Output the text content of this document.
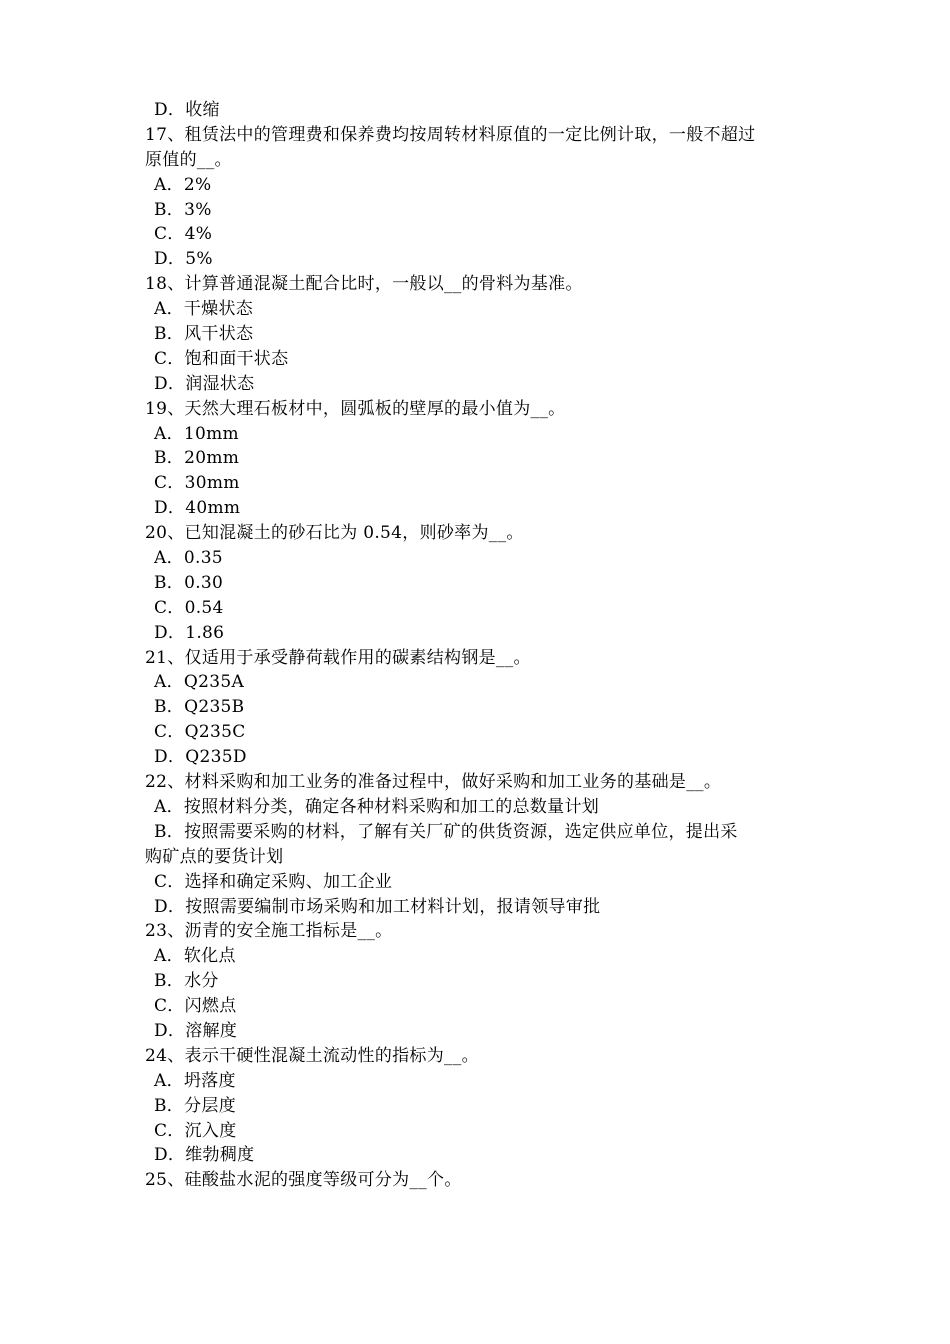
D．收缩
17、租赁法中的管理费和保养费均按周转材料原值的一定比例计取，一般不超过
原值的__。
A．2%
B．3%
C．4%
D．5%
18、计算普通混凝土配合比时，一般以__的骨料为基准。
A．干燥状态
B．风干状态
C．饱和面干状态
D．润湿状态
19、天然大理石板材中，圆弧板的壁厚的最小值为__。
A．10mm
B．20mm
C．30mm
D．40mm
20、已知混凝土的砂石比为 0.54，则砂率为__。
A．0.35
B．0.30
C．0.54
D．1.86
21、仅适用于承受静荷载作用的碳素结构钢是__。
A．Q235A
B．Q235B
C．Q235C
D．Q235D
22、材料采购和加工业务的准备过程中，做好采购和加工业务的基础是__。
A．按照材料分类，确定各种材料采购和加工的总数量计划
B．按照需要采购的材料，了解有关厂矿的供货资源，选定供应单位，提出采
购矿点的要货计划
C．选择和确定采购、加工企业
D．按照需要编制市场采购和加工材料计划，报请领导审批
23、沥青的安全施工指标是__。
A．软化点
B．水分
C．闪燃点
D．溶解度
24、表示干硬性混凝土流动性的指标为__。
A．坍落度
B．分层度
C．沉入度
D．维勃稠度
25、硅酸盐水泥的强度等级可分为__个。
